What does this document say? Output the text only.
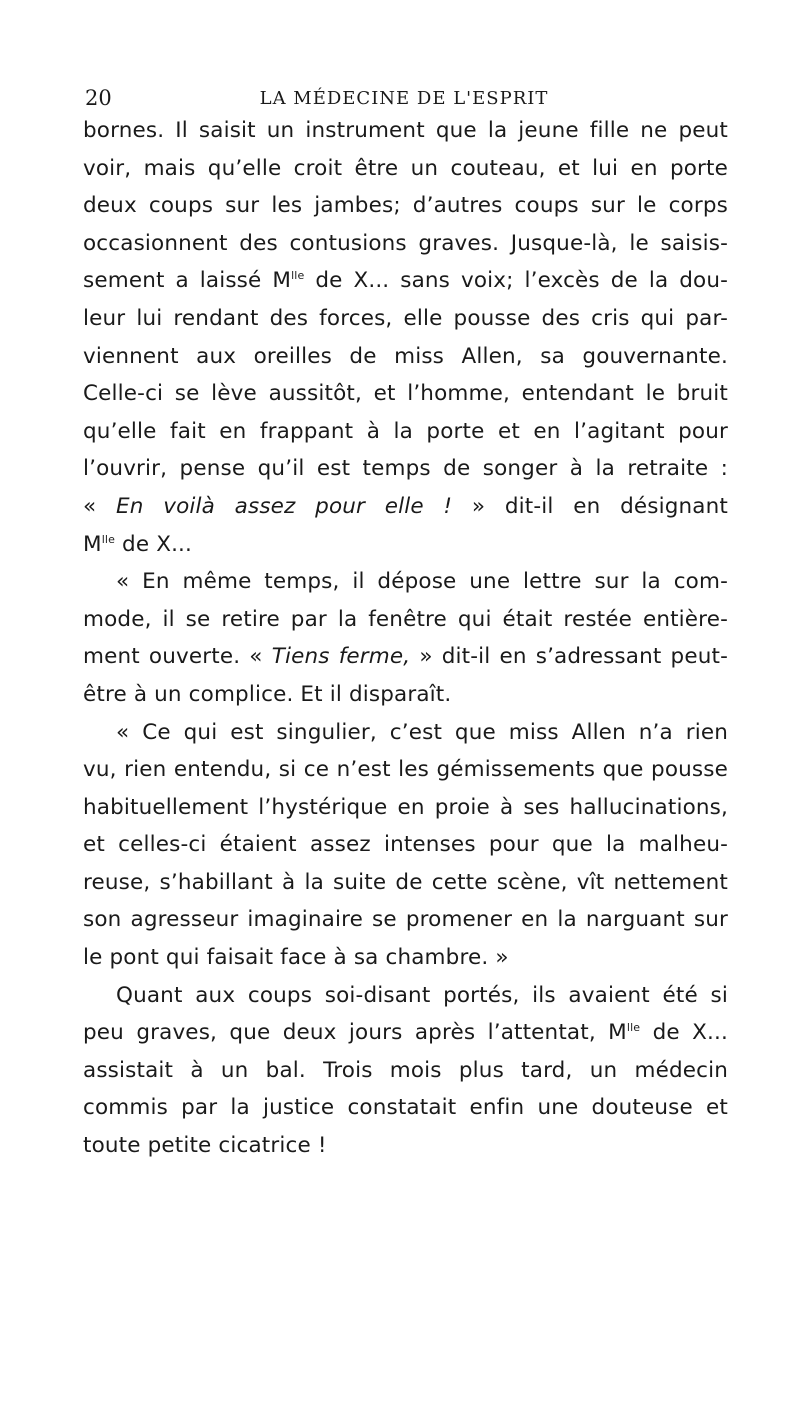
20	LA MÉDECINE DE L'ESPRIT
bornes. Il saisit un instrument que la jeune fille ne peut
voir, mais qu’elle croit être un couteau, et lui en porte
deux coups sur les jambes; d’autres coups sur le corps
occasionnent des contusions graves. Jusque-là, le saisis-
sement a laissé $M^{lle}$ de X... sans voix; l’excès de la dou-
leur lui rendant des forces, elle pousse des cris qui par-
viennent aux oreilles de miss Allen, sa gouvernante.
Celle-ci se lève aussitôt, et l’homme, entendant le bruit
qu’elle fait en frappant à la porte et en l’agitant pour
l’ouvrir, pense qu’il est temps de songer à la retraite :
« En voilà assez pour elle ! » dit-il en désignant
$M^{lle}$ de X...
« En même temps, il dépose une lettre sur la com-
mode, il se retire par la fenêtre qui était restée entière-
ment ouverte. « Tiens ferme, » dit-il en s’adressant peut-
être à un complice. Et il disparaît.
« Ce qui est singulier, c’est que miss Allen n’a rien
vu, rien entendu, si ce n’est les gémissements que pousse
habituellement l’hystérique en proie à ses hallucinations,
et celles-ci étaient assez intenses pour que la malheu-
reuse, s’habillant à la suite de cette scène, vît nettement
son agresseur imaginaire se promener en la narguant sur
le pont qui faisait face à sa chambre. »
Quant aux coups soi-disant portés, ils avaient été si
peu graves, que deux jours après l’attentat, $M^{lle}$ de X...
assistait à un bal. Trois mois plus tard, un médecin
commis par la justice constatait enfin une douteuse et
toute petite cicatrice !
